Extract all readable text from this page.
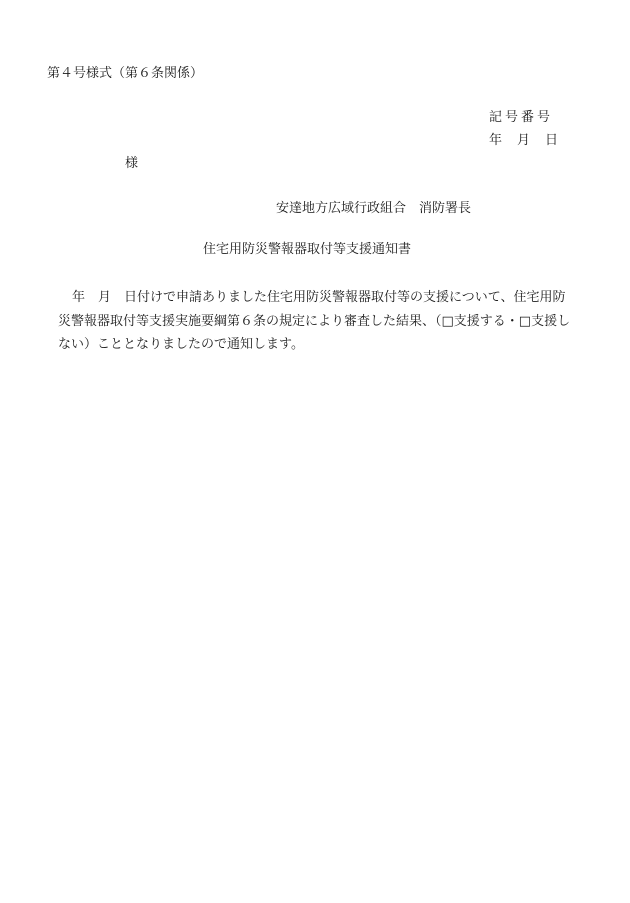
第４号様式（第６条関係）
記号番号
年　月　日
様
安達地方広域行政組合　消防署長
住宅用防災警報器取付等支援通知書
年　月　日付けで申請ありました住宅用防災警報器取付等の支援について、住宅用防災警報器取付等支援実施要綱第６条の規定により審査した結果、（□支援する・□支援しない）こととなりましたので通知します。
